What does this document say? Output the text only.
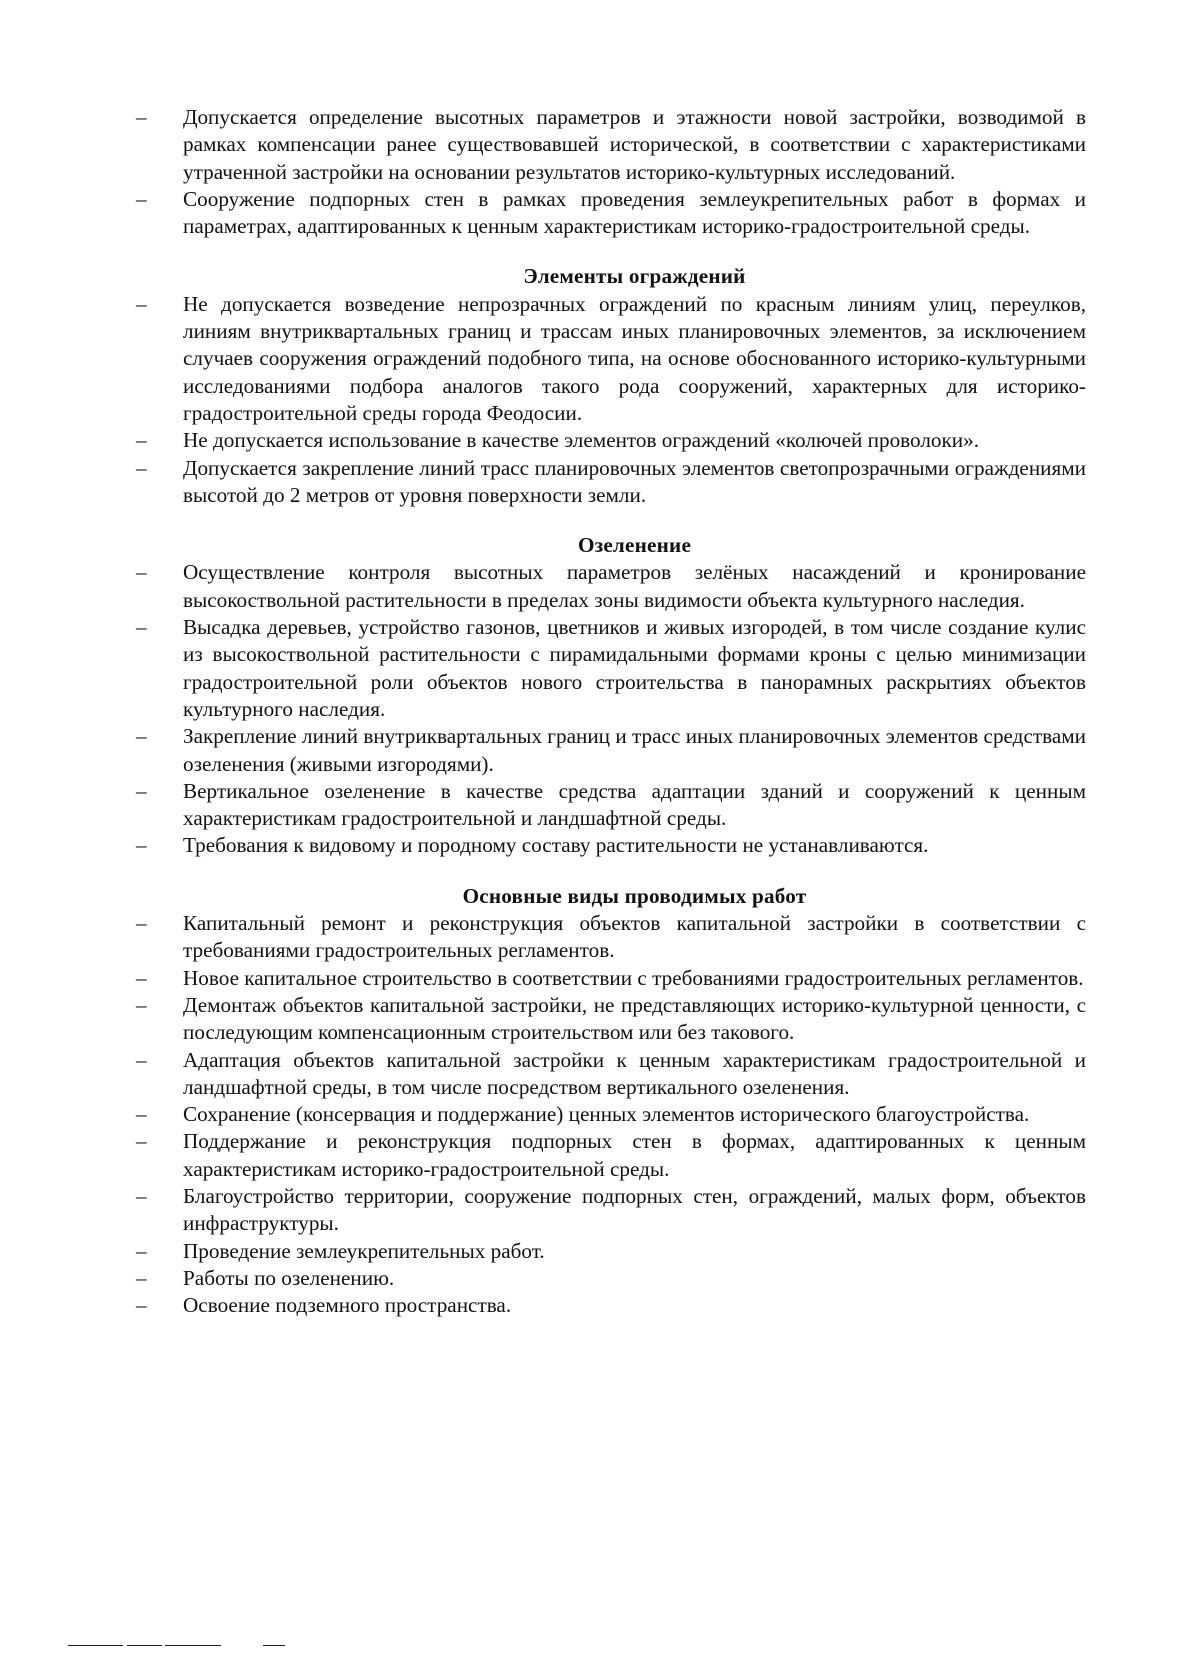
–	Допускается определение высотных параметров и этажности новой застройки, возводимой в рамках компенсации ранее существовавшей исторической, в соответствии с характеристиками утраченной застройки на основании результатов историко-культурных исследований.
–	Сооружение подпорных стен в рамках проведения землеукрепительных работ в формах и параметрах, адаптированных к ценным характеристикам историко-градостроительной среды.
Элементы ограждений
–	Не допускается возведение непрозрачных ограждений по красным линиям улиц, переулков, линиям внутриквартальных границ и трассам иных планировочных элементов, за исключением случаев сооружения ограждений подобного типа, на основе обоснованного историко-культурными исследованиями подбора аналогов такого рода сооружений, характерных для историко-градостроительной среды города Феодосии.
–	Не допускается использование в качестве элементов ограждений «колючей проволоки».
–	Допускается закрепление линий трасс планировочных элементов светопрозрачными ограждениями высотой до 2 метров от уровня поверхности земли.
Озеленение
–	Осуществление контроля высотных параметров зелёных насаждений и кронирование высокоствольной растительности в пределах зоны видимости объекта культурного наследия.
–	Высадка деревьев, устройство газонов, цветников и живых изгородей, в том числе создание кулис из высокоствольной растительности с пирамидальными формами кроны с целью минимизации градостроительной роли объектов нового строительства в панорамных раскрытиях объектов культурного наследия.
–	Закрепление линий внутриквартальных границ и трасс иных планировочных элементов средствами озеленения (живыми изгородями).
–	Вертикальное озеленение в качестве средства адаптации зданий и сооружений к ценным характеристикам градостроительной и ландшафтной среды.
–	Требования к видовому и породному составу растительности не устанавливаются.
Основные виды проводимых работ
–	Капитальный ремонт и реконструкция объектов капитальной застройки в соответствии с требованиями градостроительных регламентов.
–	Новое капитальное строительство в соответствии с требованиями градостроительных регламентов.
–	Демонтаж объектов капитальной застройки, не представляющих историко-культурной ценности, с последующим компенсационным строительством или без такового.
–	Адаптация объектов капитальной застройки к ценным характеристикам градостроительной и ландшафтной среды, в том числе посредством вертикального озеленения.
–	Сохранение (консервация и поддержание) ценных элементов исторического благоустройства.
–	Поддержание и реконструкция подпорных стен в формах, адаптированных к ценным характеристикам историко-градостроительной среды.
–	Благоустройство территории, сооружение подпорных стен, ограждений, малых форм, объектов инфраструктуры.
–	Проведение землеукрепительных работ.
–	Работы по озеленению.
–	Освоение подземного пространства.
